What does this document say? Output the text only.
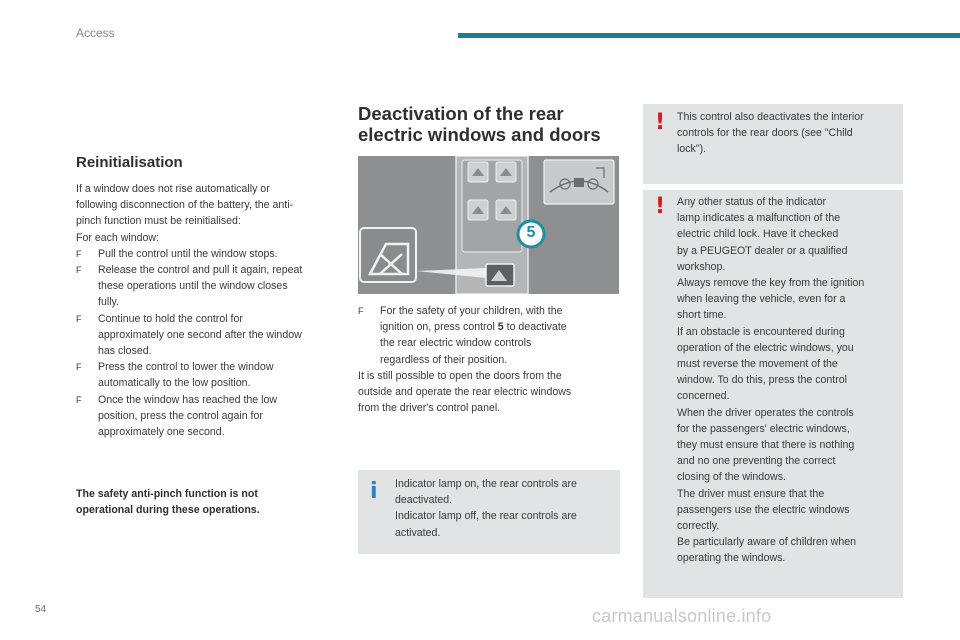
Access
Reinitialisation

If a window does not rise automatically or

following disconnection of the battery, the anti-

pinch function must be reinitialised:

For each window:

F	Pull the control until the window stops.

F	Release the control and pull it again, repeat

these operations until the window closes

fully.

F	Continue to hold the control for

approximately one second after the window

has closed.

F	Press the control to lower the window

automatically to the low position.

F	Once the window has reached the low

position, press the control again for

approximately one second.

The safety anti-pinch function is not
operational during these operations.
Deactivation of the rear
electric windows and doors
5
F	For the safety of your children, with the

ignition on, press control 5 to deactivate

the rear electric window controls

regardless of their position.

It is still possible to open the doors from the

outside and operate the rear electric windows

from the driver's control panel.

i Indicator lamp on, the rear controls are
deactivated.
Indicator lamp off, the rear controls are
activated.
! This control also deactivates the interior
controls for the rear doors (see "Child
lock").
! Any other status of the indicator
lamp indicates a malfunction of the
electric child lock. Have it checked
by a PEUGEOT dealer or a qualified
workshop.
Always remove the key from the ignition
when leaving the vehicle, even for a
short time.
If an obstacle is encountered during
operation of the electric windows, you
must reverse the movement of the
window. To do this, press the control
concerned.
When the driver operates the controls
for the passengers' electric windows,
they must ensure that there is nothing
and no one preventing the correct
closing of the windows.
The driver must ensure that the
passengers use the electric windows
correctly.
Be particularly aware of children when
operating the windows.
54	carmanualsonline.info
